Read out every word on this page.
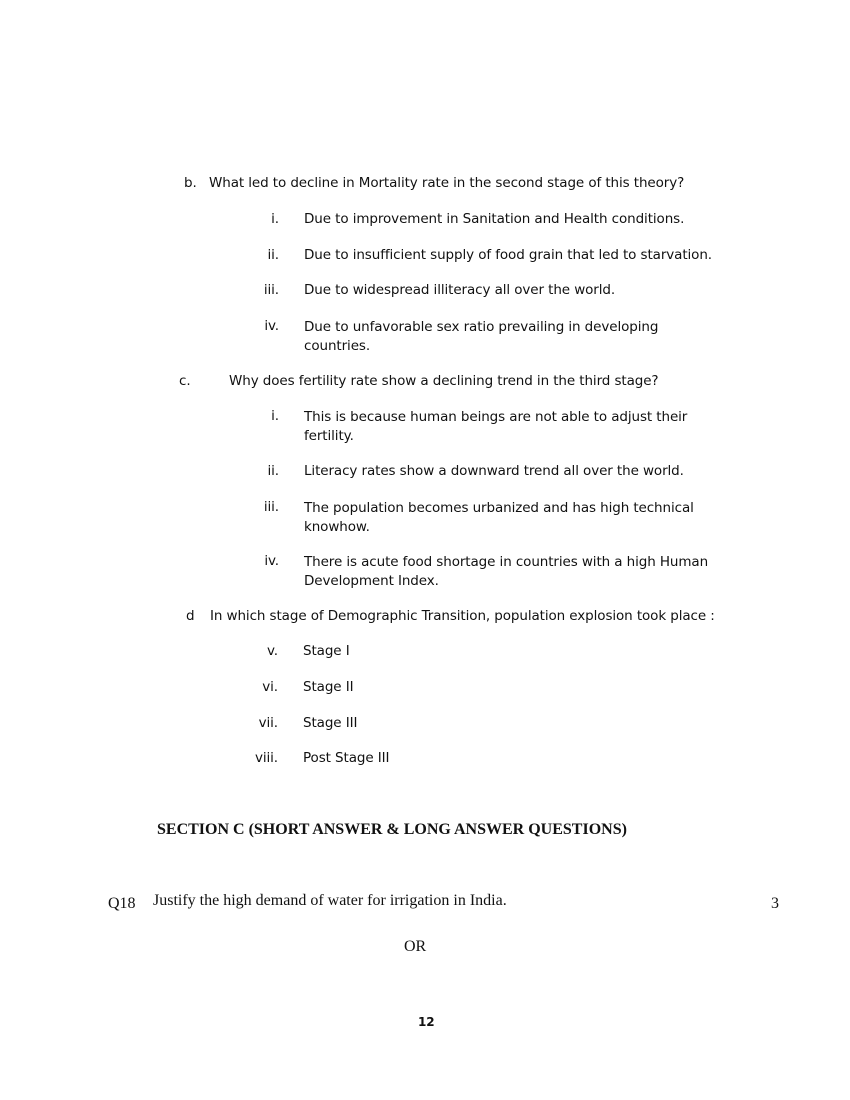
b. What led to decline in Mortality rate in the second stage of this theory?
i. Due to improvement in Sanitation and Health conditions.
ii. Due to insufficient supply of food grain that led to starvation.
iii. Due to widespread illiteracy all over the world.
iv. Due to unfavorable sex ratio prevailing in developing countries.
c.	Why does fertility rate show a declining trend in the third stage?
i. This is because human beings are not able to adjust their fertility.
ii. Literacy rates show a downward trend all over the world.
iii. The population becomes urbanized and has high technical knowhow.
iv. There is acute food shortage in countries with a high Human Development Index.
d In which stage of Demographic Transition, population explosion took place :
v. Stage I
vi. Stage II
vii. Stage III
viii. Post Stage III
SECTION C (SHORT ANSWER & LONG ANSWER QUESTIONS)
Q18 Justify the high demand of water for irrigation in India.	3
OR
12
